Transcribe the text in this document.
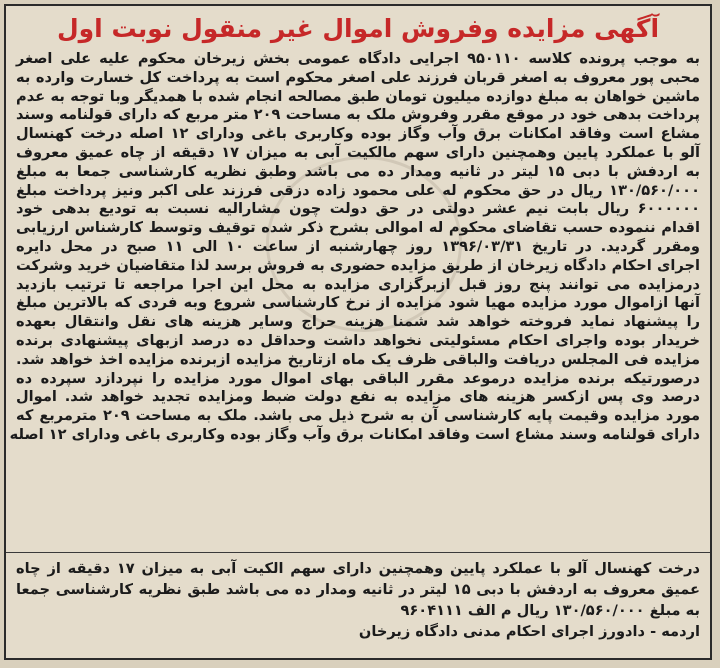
آگهی مزایده وفروش اموال غیر منقول نوبت اول
به موجب پرونده کلاسه ۹۵۰۱۱۰ اجرایی دادگاه عمومی بخش زیرخان محکوم علیه علی اصغر
محبی پور معروف به اصغر قربان فرزند علی اصغر محکوم است به پرداخت کل خسارت وارده به
ماشین خواهان به مبلغ دوازده میلیون تومان طبق مصالحه انجام شده با همدیگر وبا توجه به عدم
پرداخت بدهی خود در موقع مقرر وفروش ملک به مساحت ۲۰۹ متر مربع که دارای قولنامه وسند
مشاع است وفاقد امکانات برق وآب وگاز بوده وکاربری باغی ودارای ۱۲ اصله درخت کهنسال
آلو با عملکرد پایین وهمچنین دارای سهم مالکیت آبی به میزان ۱۷ دقیقه از چاه عمیق معروف
به اردفش با دبی ۱۵ لیتر در ثانیه ومدار ده می باشد وطبق نظریه کارشناسی جمعا به مبلغ
۱۳۰/۵۶۰/۰۰۰ ریال در حق محکوم له علی محمود زاده دزقی فرزند علی اکبر ونیز پرداخت مبلغ
۶۰۰۰۰۰۰ ریال بابت نیم عشر دولتی در حق دولت چون مشارالیه نسبت به تودیع بدهی خود
اقدام ننموده حسب تقاضای محکوم له اموالی بشرح ذکر شده توقیف وتوسط کارشناس ارزیابی
ومقرر گردید. در تاریخ ۱۳۹۶/۰۳/۳۱ روز چهارشنبه از ساعت ۱۰ الی ۱۱ صبح در محل دایره
اجرای احکام دادگاه زیرخان از طریق مزایده حضوری به فروش برسد لذا متقاضیان خرید وشرکت
درمزایده می توانند پنج روز قبل ازبرگزاری مزایده به محل این اجرا مراجعه تا ترتیب بازدید
آنها ازاموال مورد مزایده مهیا شود مزایده از نرخ کارشناسی شروع وبه فردی که بالاترین مبلغ
را پیشنهاد نماید فروخته خواهد شد شمنا هزینه حراج وسایر هزینه های نقل وانتقال بعهده
خریدار بوده واجرای احکام مسئولیتی نخواهد داشت وحداقل ده درصد ازبهای پیشنهادی برنده
مزایده فی المجلس دریافت والباقی ظرف یک ماه ازتاریخ مزایده ازبرنده مزایده اخذ خواهد شد.
درصورتیکه برنده مزایده درموعد مقرر الباقی بهای اموال مورد مزایده را نپردازد سپرده ده
درصد وی پس ازکسر هزینه های مزایده به نفع دولت ضبط ومزایده تجدید خواهد شد. اموال
مورد مزایده وقیمت پایه کارشناسی آن به شرح ذیل می باشد. ملک به مساحت ۲۰۹ مترمربع که
دارای قولنامه وسند مشاع است وفاقد امکانات برق وآب وگاز بوده وکاربری باغی ودارای ۱۲ اصله
درخت کهنسال آلو با عملکرد پایین وهمچنین دارای سهم الکیت آبی به میزان ۱۷ دقیقه از چاه
عمیق معروف به اردفش با دبی ۱۵ لیتر در ثانیه ومدار ده می باشد طبق نظریه کارشناسی جمعا
به مبلغ ۱۳۰/۵۶۰/۰۰۰ ریال م الف ۹۶۰۴۱۱۱
اردمه - دادورز اجرای احکام مدنی دادگاه زیرخان
